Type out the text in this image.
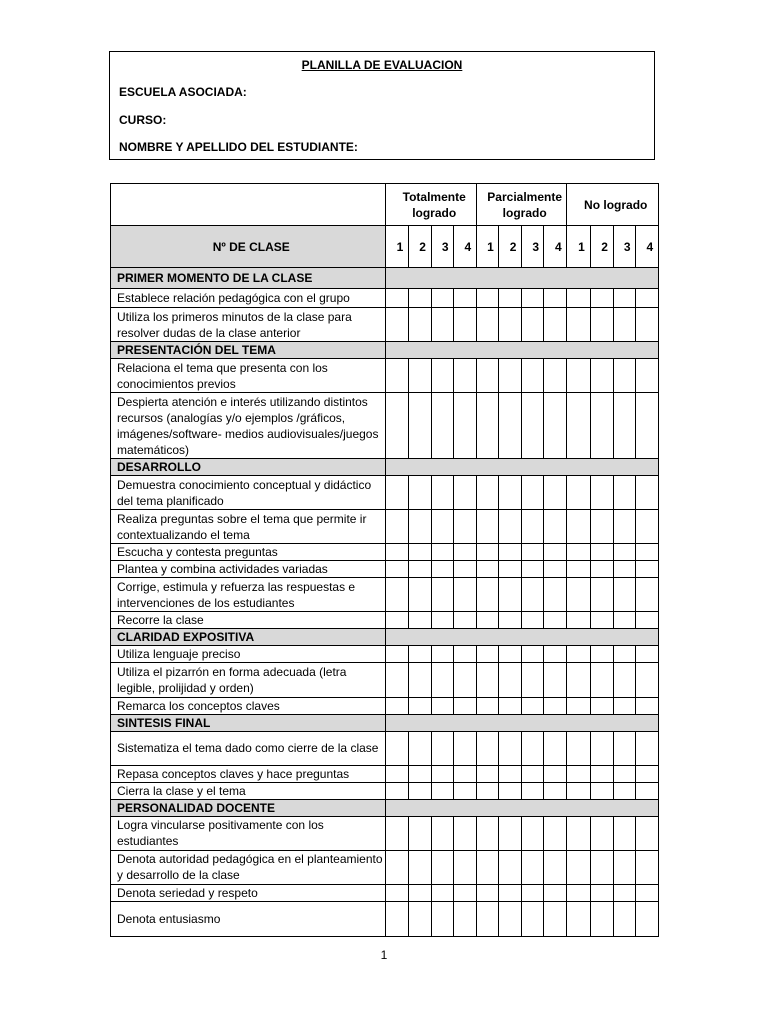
PLANILLA DE EVALUACION
ESCUELA ASOCIADA:
CURSO:
NOMBRE Y APELLIDO DEL ESTUDIANTE:
	Totalmente logrado				Parcialmente logrado				No logrado			
Nº DE CLASE	1	2	3	4	1	2	3	4	1	2	3	4
PRIMER MOMENTO DE LA CLASE												
Establece relación pedagógica con el grupo												
Utiliza los primeros minutos de la clase para resolver dudas de la clase anterior												
PRESENTACIÓN DEL TEMA												
Relaciona el tema que presenta con los conocimientos previos												
Despierta atención e interés utilizando distintos recursos (analogías y/o ejemplos /gráficos, imágenes/software- medios audiovisuales/juegos matemáticos)												
DESARROLLO												
Demuestra conocimiento conceptual y didáctico del tema planificado												
Realiza preguntas sobre el tema que permite ir contextualizando el tema												
Escucha y contesta preguntas												
Plantea y combina actividades variadas												
Corrige, estimula y refuerza las respuestas e intervenciones de los estudiantes												
Recorre la clase												
CLARIDAD EXPOSITIVA												
Utiliza lenguaje preciso												
Utiliza el pizarrón en forma adecuada (letra legible, prolijidad y orden)												
Remarca los conceptos claves												
SINTESIS FINAL												
Sistematiza el tema dado como cierre de la clase												
Repasa conceptos claves y hace preguntas												
Cierra la clase y el tema												
PERSONALIDAD DOCENTE												
Logra vincularse positivamente con los estudiantes												
Denota autoridad pedagógica en el planteamiento y desarrollo de la clase												
Denota seriedad y respeto												
Denota entusiasmo												
1
